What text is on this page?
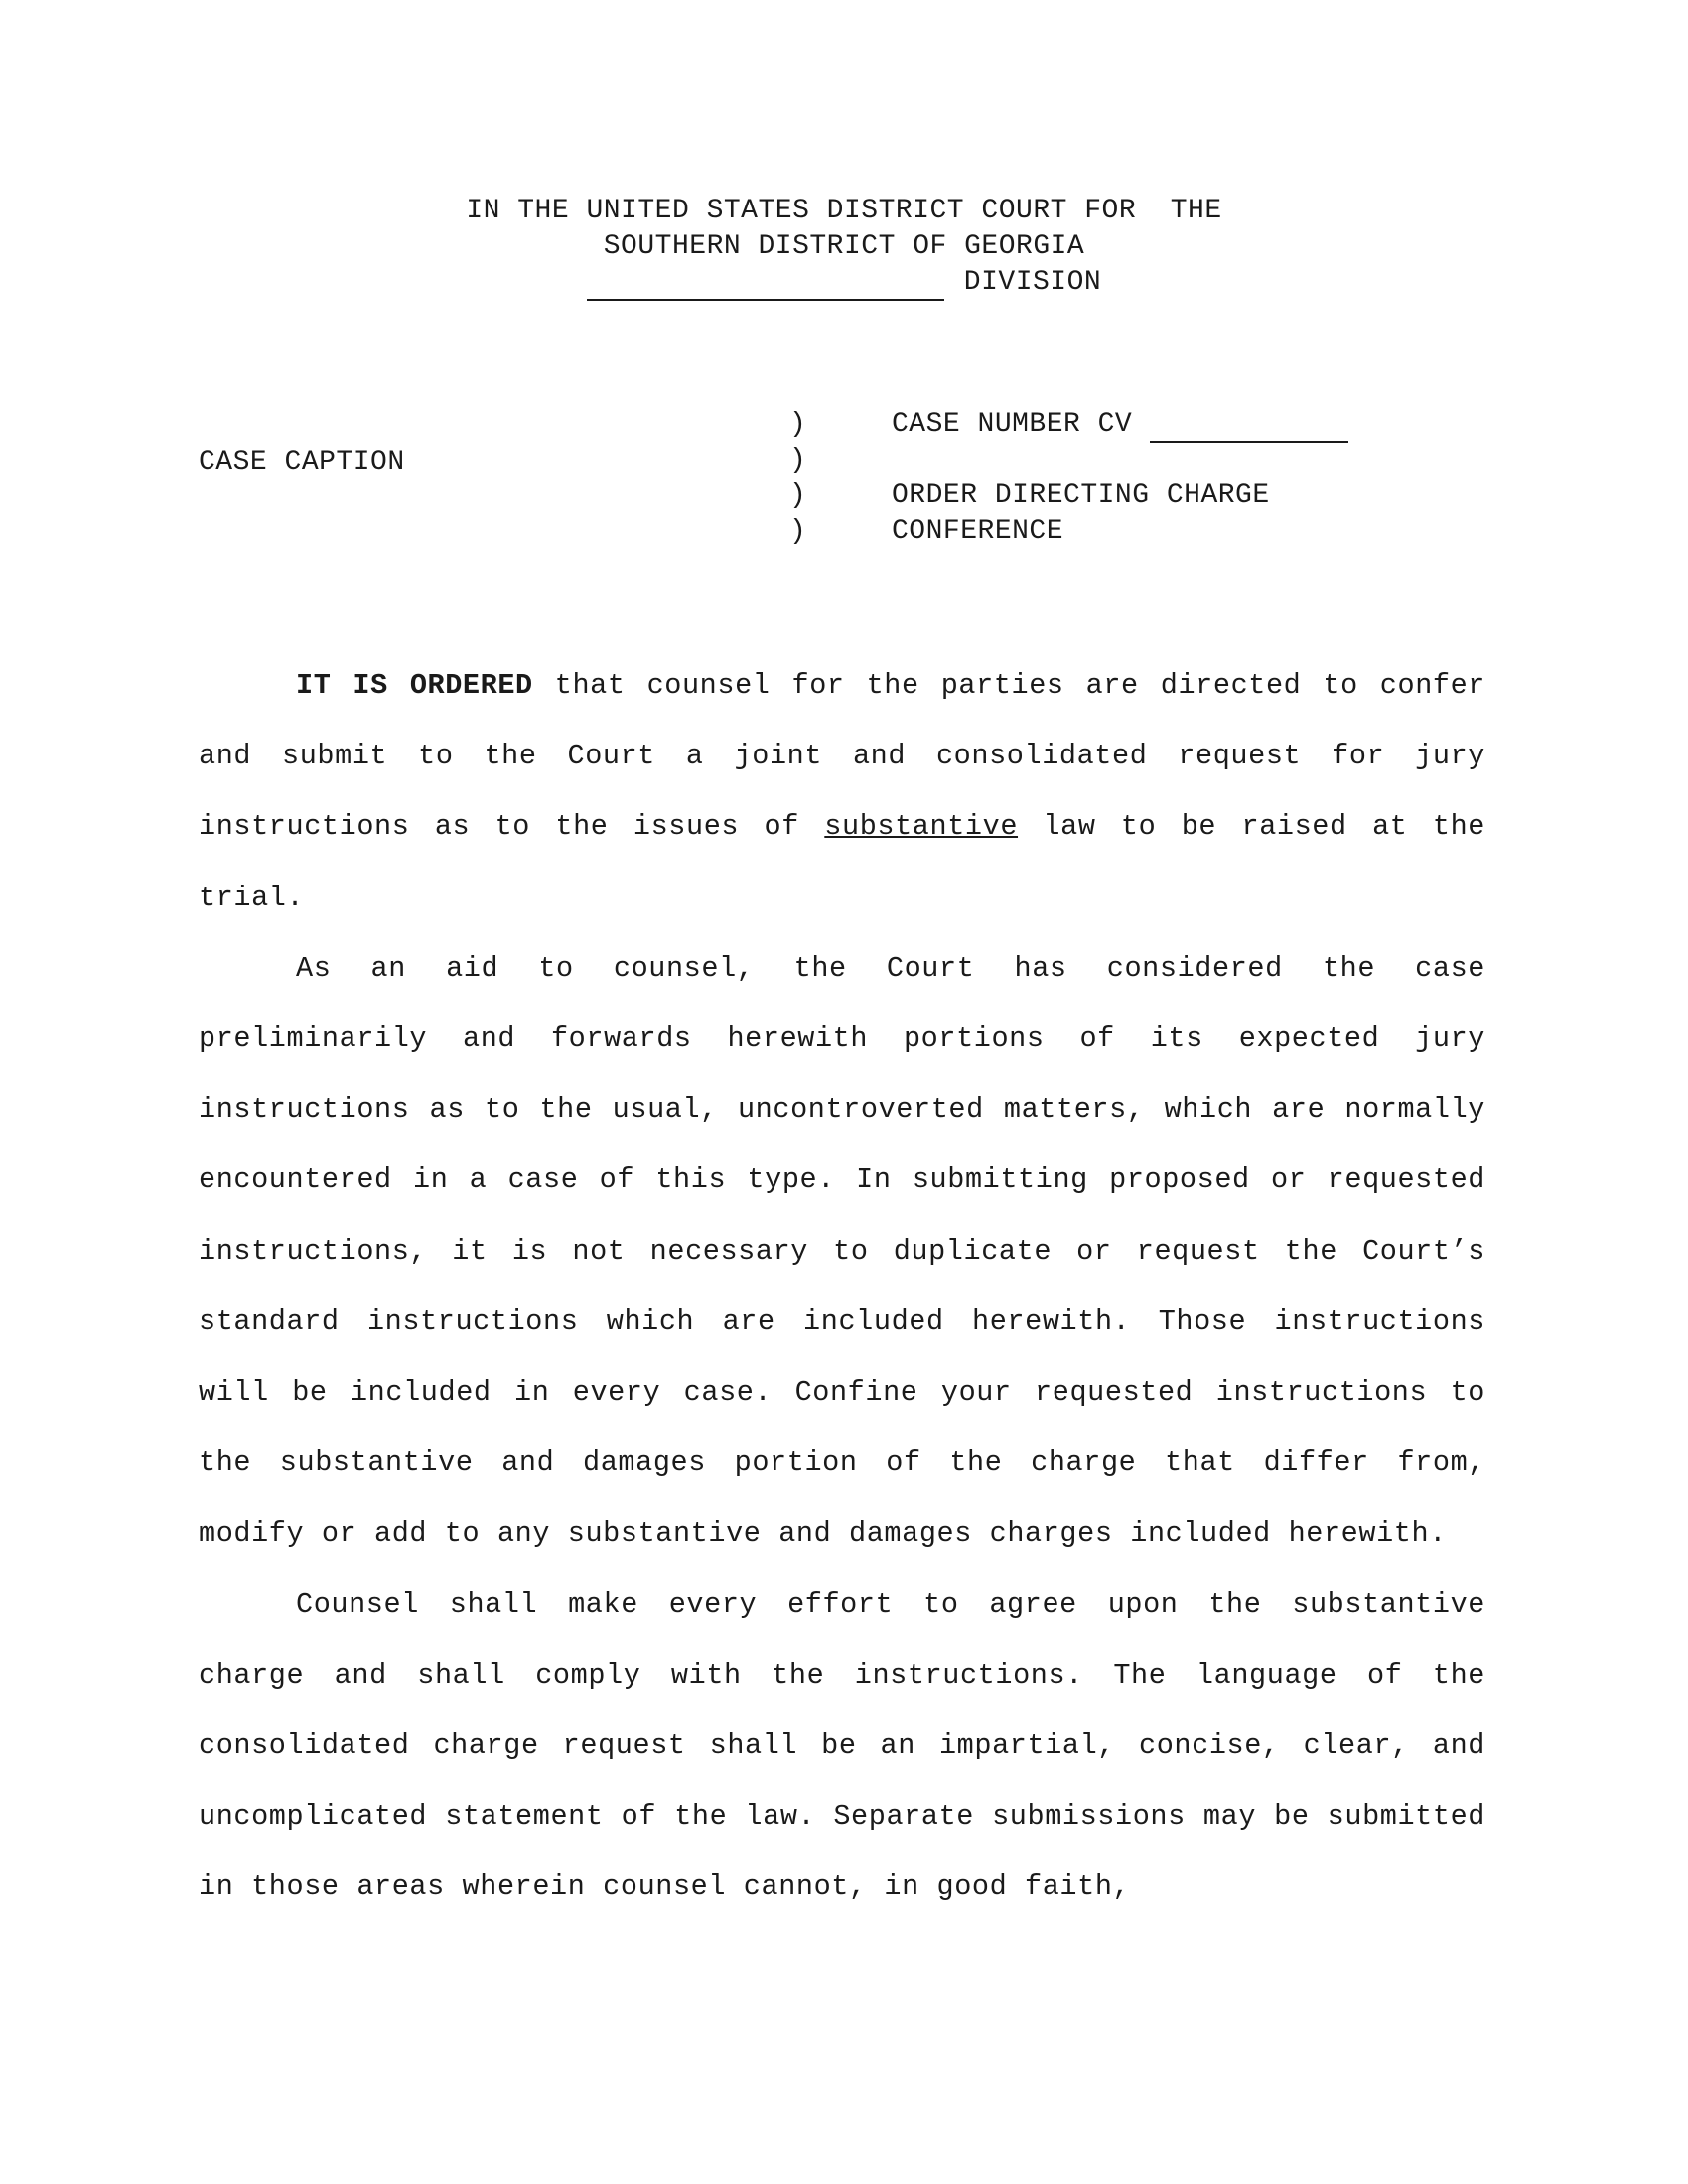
IN THE UNITED STATES DISTRICT COURT FOR  THE
SOUTHERN DISTRICT OF GEORGIA
DIVISION
CASE CAPTION
)
)
)
)
CASE NUMBER CV

ORDER DIRECTING CHARGE
CONFERENCE

IT IS ORDERED that counsel for the parties are directed to confer and submit to the Court a joint and consolidated request for jury instructions as to the issues of substantive law to be raised at the trial.

As an aid to counsel, the Court has considered the case preliminarily and forwards herewith portions of its expected jury instructions as to the usual, uncontroverted matters, which are normally encountered in a case of this type. In submitting proposed or requested instructions, it is not necessary to duplicate or request the Court’s standard instructions which are included herewith. Those instructions will be included in every case. Confine your requested instructions to the substantive and damages portion of the charge that differ from, modify or add to any substantive and damages charges included herewith.

Counsel shall make every effort to agree upon the substantive charge and shall comply with the instructions. The language of the consolidated charge request shall be an impartial, concise, clear, and uncomplicated statement of the law. Separate submissions may be submitted in those areas wherein counsel cannot, in good faith,
